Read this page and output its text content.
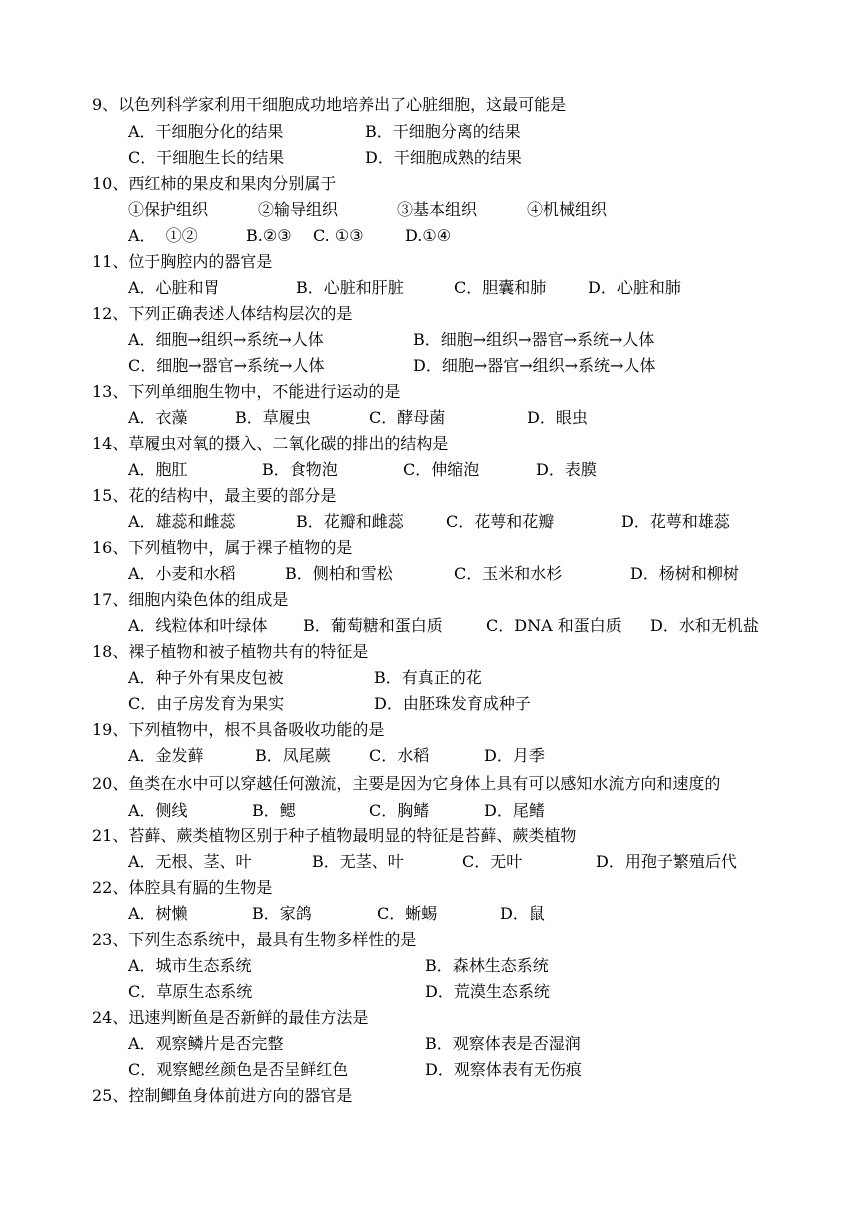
9、以色列科学家利用干细胞成功地培养出了心脏细胞，这最可能是
A．干细胞分化的结果	B．干细胞分离的结果
C．干细胞生长的结果	D．干细胞成熟的结果
10、西红柿的果皮和果肉分别属于
①保护组织	②输导组织	③基本组织	④机械组织
A．  ①②	B.②③ C. ①③	D.①④
11、位于胸腔内的器官是
A．心脏和胃	B．心脏和肝脏	C．胆囊和肺	D．心脏和肺
12、下列正确表述人体结构层次的是
A．细胞→组织→系统→人体	B．细胞→组织→器官→系统→人体
C．细胞→器官→系统→人体	D．细胞→器官→组织→系统→人体
13、下列单细胞生物中，不能进行运动的是
A．衣藻	B．草履虫	C．酵母菌	D．眼虫
14、草履虫对氧的摄入、二氧化碳的排出的结构是
A．胞肛	B．食物泡	C．伸缩泡	D．表膜
15、花的结构中，最主要的部分是
A．雄蕊和雌蕊	B．花瓣和雌蕊	C．花萼和花瓣	D．花萼和雄蕊
16、下列植物中，属于裸子植物的是
A．小麦和水稻	B．侧柏和雪松	C．玉米和水杉	D．杨树和柳树
17、细胞内染色体的组成是
A．线粒体和叶绿体 B．葡萄糖和蛋白质	C．DNA 和蛋白质 D．水和无机盐
18、裸子植物和被子植物共有的特征是
A．种子外有果皮包被	B．有真正的花
C．由子房发育为果实	D．由胚珠发育成种子
19、下列植物中，根不具备吸收功能的是
A．金发藓	B．凤尾蕨 C．水稻	D．月季
20、鱼类在水中可以穿越任何激流，主要是因为它身体上具有可以感知水流方向和速度的
A．侧线	B．鳃	C．胸鳍	D．尾鳍
21、苔藓、蕨类植物区别于种子植物最明显的特征是苔藓、蕨类植物
A．无根、茎、叶	B．无茎、叶	C．无叶	D．用孢子繁殖后代
22、体腔具有膈的生物是
A．树懒	B．家鸽	C．蜥蜴	D．鼠
23、下列生态系统中，最具有生物多样性的是
A．城市生态系统	B．森林生态系统
C．草原生态系统	D．荒漠生态系统
24、迅速判断鱼是否新鲜的最佳方法是
A．观察鳞片是否完整	B．观察体表是否湿润
C．观察鳃丝颜色是否呈鲜红色	D．观察体表有无伤痕
25、控制鲫鱼身体前进方向的器官是
